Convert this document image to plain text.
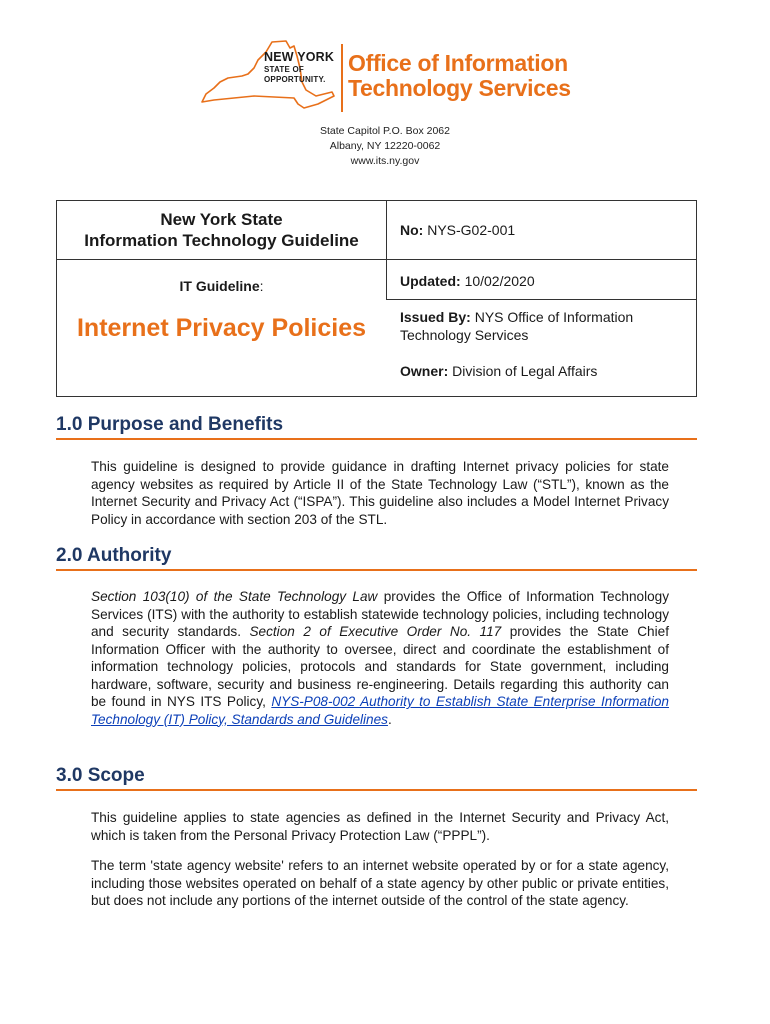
NEW YORK
STATE OF
OPPORTUNITY.
Office of Information
Technology Services
State Capitol P.O. Box 2062
Albany, NY 12220-0062
www.its.ny.gov
New York State
Information Technology Guideline
IT Guideline:
Internet Privacy Policies
No: NYS-G02-001
Updated: 10/02/2020
Issued By: NYS Office of Information Technology Services
Owner: Division of Legal Affairs
1.0 Purpose and Benefits
This guideline is designed to provide guidance in drafting Internet privacy policies for state agency websites as required by Article II of the State Technology Law (“STL”), known as the Internet Security and Privacy Act (“ISPA”). This guideline also includes a Model Internet Privacy Policy in accordance with section 203 of the STL.
2.0 Authority
Section 103(10) of the State Technology Law provides the Office of Information Technology Services (ITS) with the authority to establish statewide technology policies, including technology and security standards. Section 2 of Executive Order No. 117 provides the State Chief Information Officer with the authority to oversee, direct and coordinate the establishment of information technology policies, protocols and standards for State government, including hardware, software, security and business re-engineering. Details regarding this authority can be found in NYS ITS Policy, NYS-P08-002 Authority to Establish State Enterprise Information Technology (IT) Policy, Standards and Guidelines.
3.0 Scope
This guideline applies to state agencies as defined in the Internet Security and Privacy Act, which is taken from the Personal Privacy Protection Law (“PPPL”).
The term 'state agency website' refers to an internet website operated by or for a state agency, including those websites operated on behalf of a state agency by other public or private entities, but does not include any portions of the internet outside of the control of the state agency.
